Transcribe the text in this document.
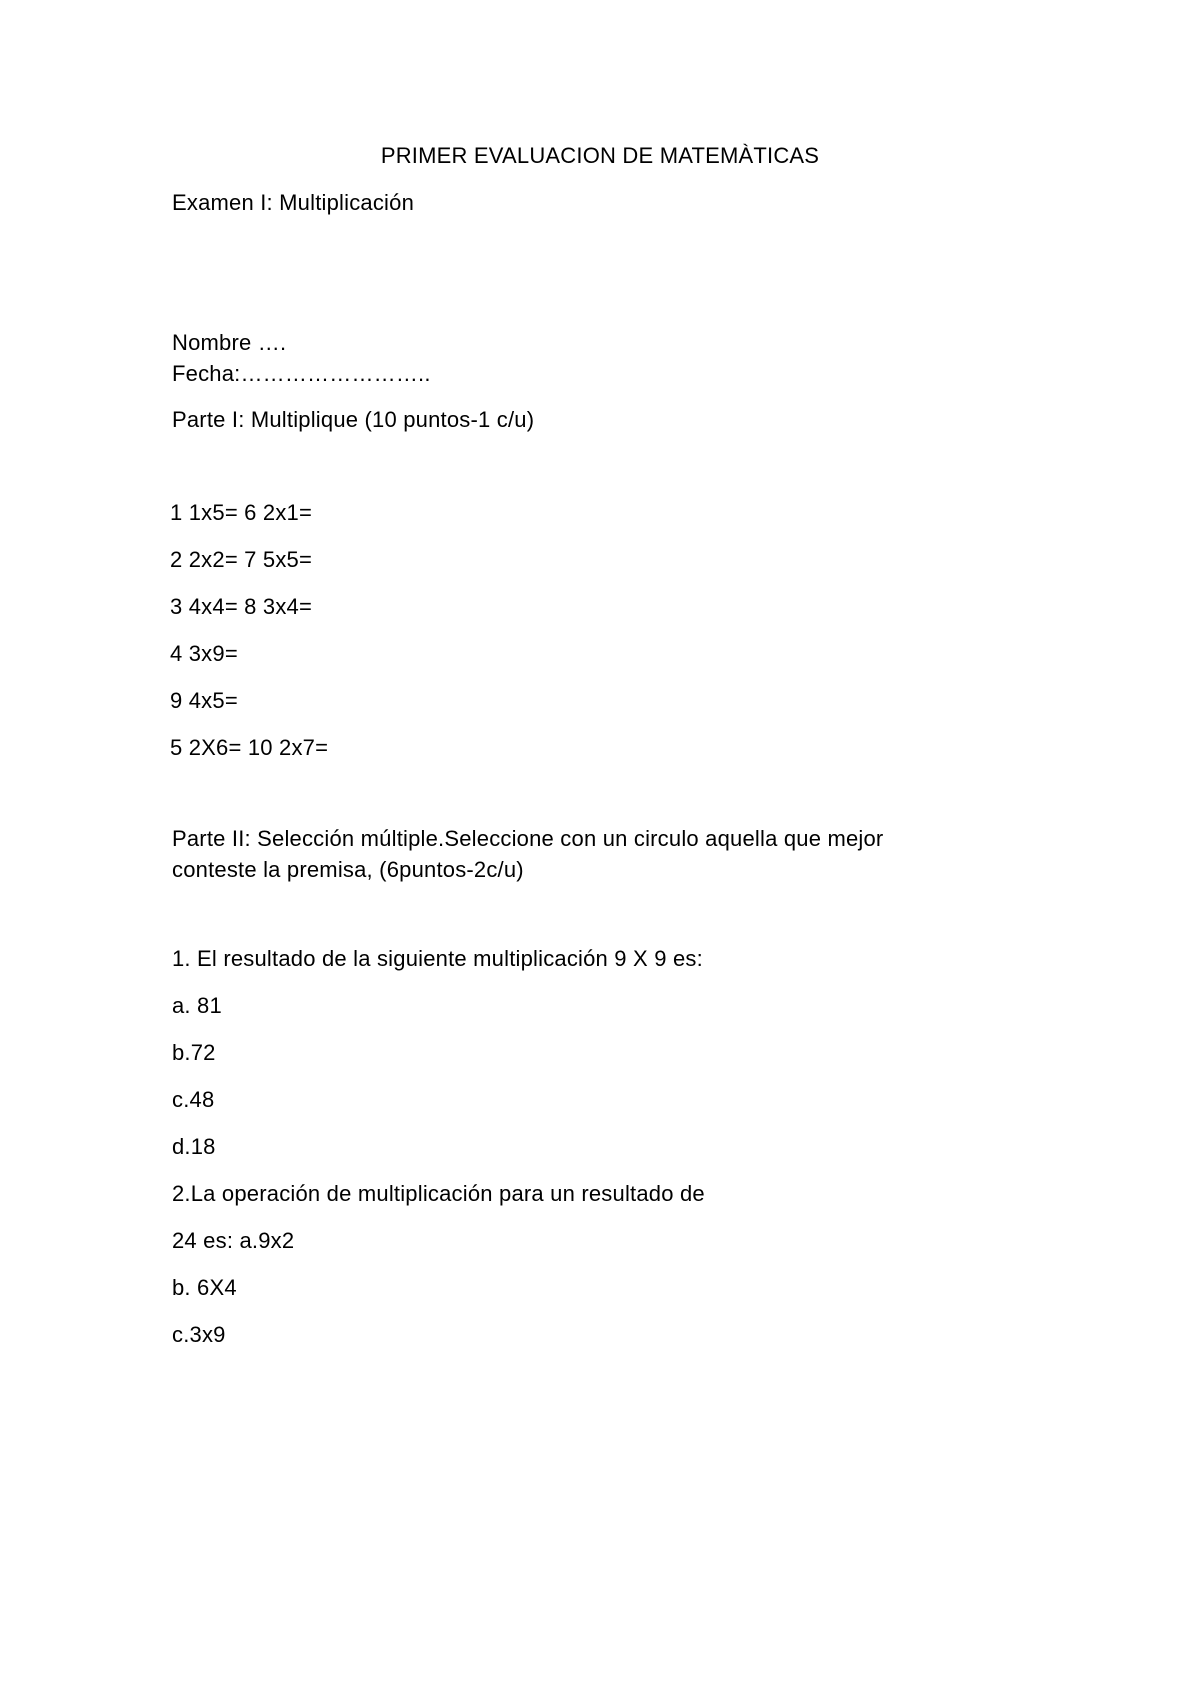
PRIMER EVALUACION DE MATEMÀTICAS
Examen I: Multiplicación
Nombre ….
Fecha:……………………..
Parte I: Multiplique (10 puntos-1 c/u)
1 1x5= 6 2x1=
2 2x2= 7 5x5=
3 4x4= 8 3x4=
4 3x9=
9 4x5=
5 2X6= 10 2x7=
Parte II: Selección múltiple.Seleccione con un circulo aquella que mejor
conteste la premisa, (6puntos-2c/u)
1. El resultado de la siguiente multiplicación 9 X 9 es:
a. 81
b.72
c.48
d.18
2.La operación de multiplicación para un resultado de
24 es: a.9x2
b. 6X4
c.3x9
